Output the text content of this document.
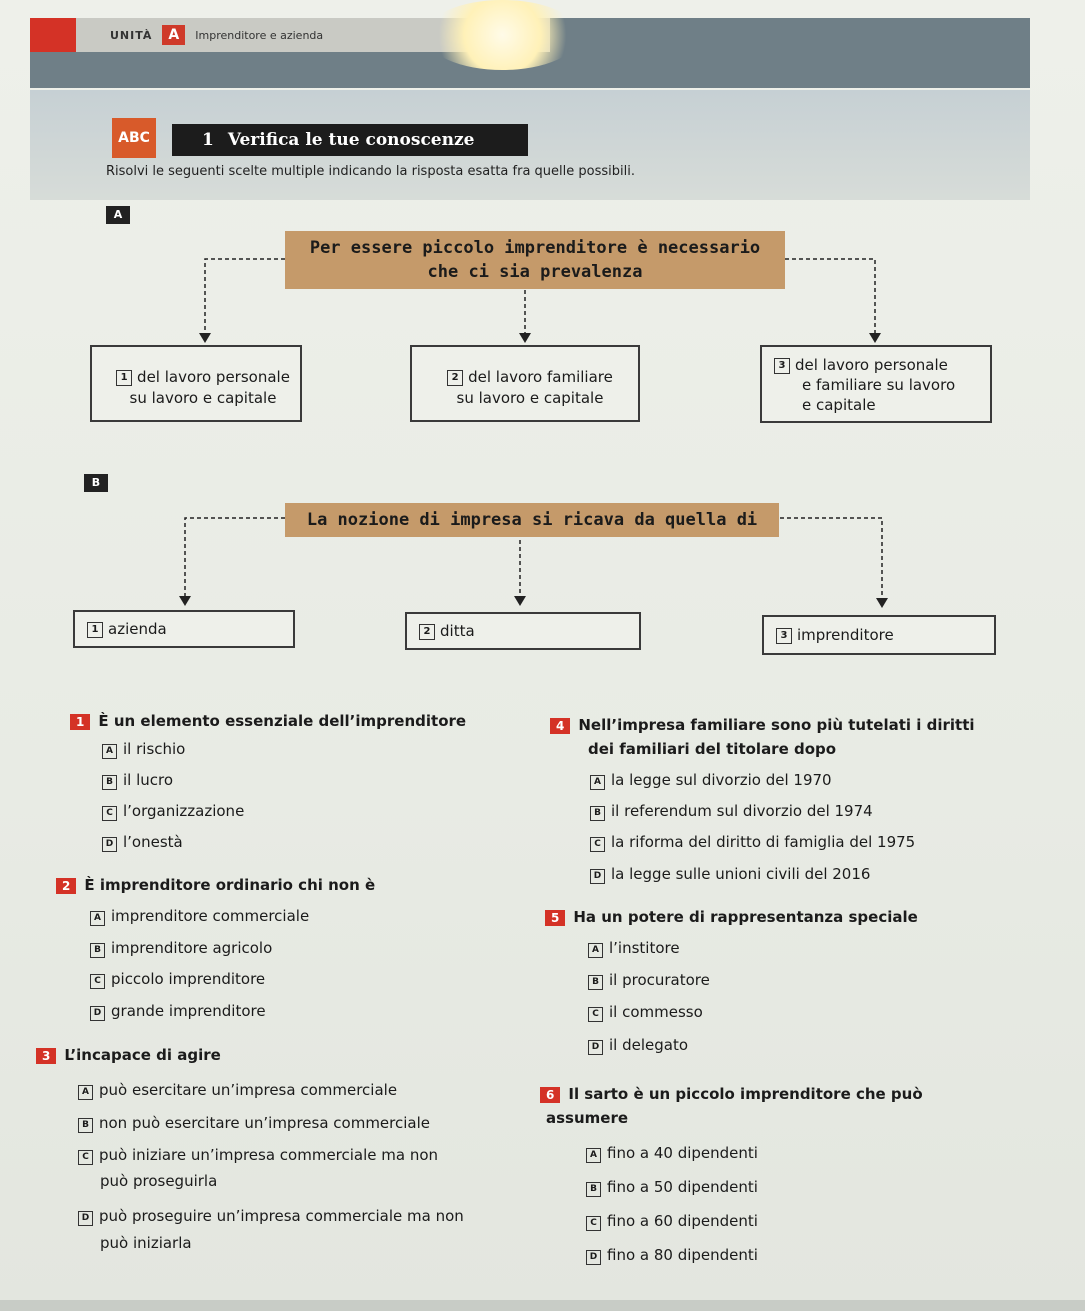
UNITÀ	A	Imprenditore e azienda
ABC	1 Verifica le tue conoscenze
Risolvi le seguenti scelte multiple indicando la risposta esatta fra quelle possibili.
A
Per essere piccolo imprenditore è necessario
che ci sia prevalenza
1 del lavoro personale
su lavoro e capitale
2 del lavoro familiare
su lavoro e capitale
3 del lavoro personale
e familiare su lavoro
e capitale
B
La nozione di impresa si ricava da quella di
1 azienda	2 ditta	3 imprenditore
1 È un elemento essenziale dell’imprenditore
A il rischio
B il lucro
C l’organizzazione
D l’onestà
2 È imprenditore ordinario chi non è
A imprenditore commerciale
B imprenditore agricolo
C piccolo imprenditore
D grande imprenditore
3 L’incapace di agire
A può esercitare un’impresa commerciale
B non può esercitare un’impresa commerciale
C può iniziare un’impresa commerciale ma non
può proseguirla
D può proseguire un’impresa commerciale ma non
può iniziarla
4 Nell’impresa familiare sono più tutelati i diritti
dei familiari del titolare dopo
A la legge sul divorzio del 1970
B il referendum sul divorzio del 1974
C la riforma del diritto di famiglia del 1975
D la legge sulle unioni civili del 2016
5 Ha un potere di rappresentanza speciale
A l’institore
B il procuratore
C il commesso
D il delegato
6 Il sarto è un piccolo imprenditore che può
assumere
A fino a 40 dipendenti
B fino a 50 dipendenti
C fino a 60 dipendenti
D fino a 80 dipendenti
